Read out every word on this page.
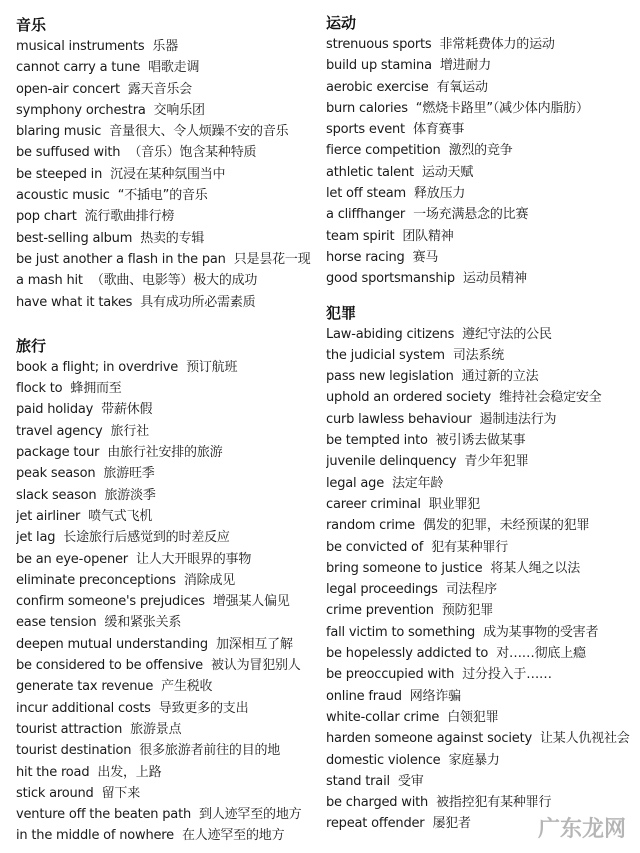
音乐
musical instruments 乐器
cannot carry a tune 唱歌走调
open-air concert 露天音乐会
symphony orchestra 交响乐团
blaring music 音量很大、令人烦躁不安的音乐
be suffused with （音乐）饱含某种特质
be steeped in 沉浸在某种氛围当中
acoustic music “不插电”的音乐
pop chart 流行歌曲排行榜
best-selling album 热卖的专辑
be just another a flash in the pan 只是昙花一现
a mash hit （歌曲、电影等）极大的成功
have what it takes 具有成功所必需素质
旅行
book a flight; in overdrive 预订航班
flock to 蜂拥而至
paid holiday 带薪休假
travel agency 旅行社
package tour 由旅行社安排的旅游
peak season 旅游旺季
slack season 旅游淡季
jet airliner 喷气式飞机
jet lag 长途旅行后感觉到的时差反应
be an eye-opener 让人大开眼界的事物
eliminate preconceptions 消除成见
confirm someone's prejudices 增强某人偏见
ease tension 缓和紧张关系
deepen mutual understanding 加深相互了解
be considered to be offensive 被认为冒犯别人
generate tax revenue 产生税收
incur additional costs 导致更多的支出
tourist attraction 旅游景点
tourist destination 很多旅游者前往的目的地
hit the road 出发，上路
stick around 留下来
venture off the beaten path 到人迹罕至的地方
in the middle of nowhere 在人迹罕至的地方
运动
strenuous sports 非常耗费体力的运动
build up stamina 增进耐力
aerobic exercise 有氧运动
burn calories “燃烧卡路里”（减少体内脂肪）
sports event 体育赛事
fierce competition 激烈的竞争
athletic talent 运动天赋
let off steam 释放压力
a cliffhanger 一场充满悬念的比赛
team spirit 团队精神
horse racing 赛马
good sportsmanship 运动员精神
犯罪
Law-abiding citizens 遵纪守法的公民
the judicial system 司法系统
pass new legislation 通过新的立法
uphold an ordered society 维持社会稳定安全
curb lawless behaviour 遏制违法行为
be tempted into 被引诱去做某事
juvenile delinquency 青少年犯罪
legal age 法定年龄
career criminal 职业罪犯
random crime 偶发的犯罪，未经预谋的犯罪
be convicted of 犯有某种罪行
bring someone to justice 将某人绳之以法
legal proceedings 司法程序
crime prevention 预防犯罪
fall victim to something 成为某事物的受害者
be hopelessly addicted to 对……彻底上瘾
be preoccupied with 过分投入于……
online fraud 网络诈骗
white-collar crime 白领犯罪
harden someone against society 让某人仇视社会
domestic violence 家庭暴力
stand trail 受审
be charged with 被指控犯有某种罪行
repeat offender 屡犯者	广东龙网
